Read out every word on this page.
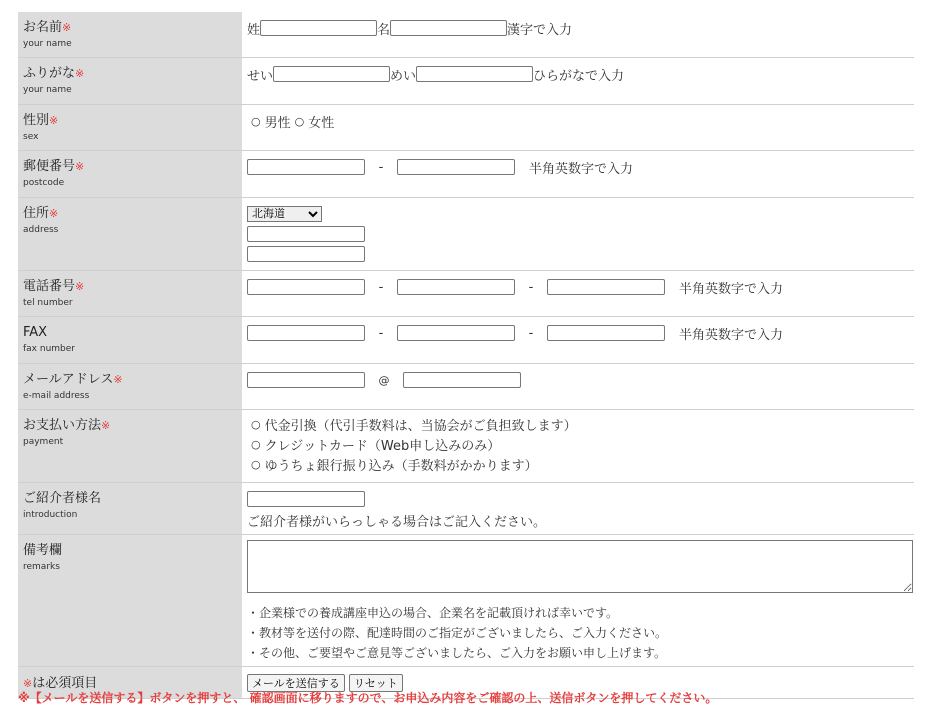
お名前※
your name
姓	名	漢字で入力
ふりがな※
your name
せい	めい	ひらがなで入力
性別※
sex
○ 男性 ○ 女性
郵便番号※
postcode
-	半角英数字で入力
住所※
address
北海道
電話番号※
tel number
-	-	半角英数字で入力
FAX
fax number
-	-	半角英数字で入力
メールアドレス※
e-mail address
@
お支払い方法※
payment
○ 代金引換（代引手数料は、当協会がご負担致します）
○ クレジットカード（Web申し込みのみ）
○ ゆうちょ銀行振り込み（手数料がかかります）
ご紹介者様名
introduction	ご紹介者様がいらっしゃる場合はご記入ください。
備考欄
remarks
・企業様での養成講座申込の場合、企業名を記載頂ければ幸いです。
・教材等を送付の際、配達時間のご指定がございましたら、ご入力ください。
・その他、ご要望やご意見等ございましたら、ご入力をお願い申し上げます。
※は必須項目	メールを送信する リセット
※【メールを送信する】ボタンを押すと、 確認画面に移りますので、お申込み内容をご確認の上、送信ボタンを押してください。
